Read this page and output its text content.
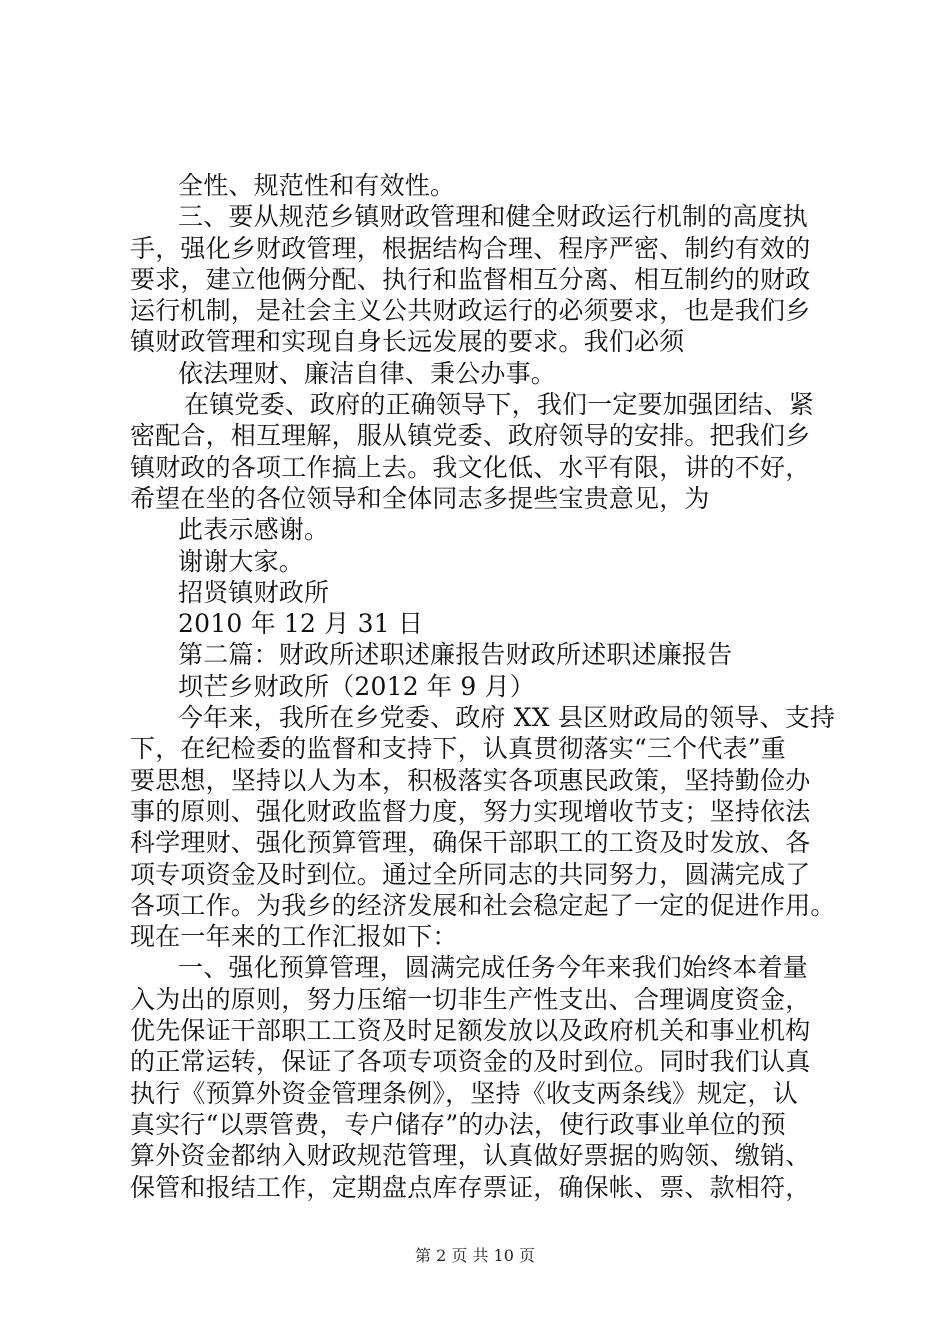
全性、规范性和有效性。
三、要从规范乡镇财政管理和健全财政运行机制的高度执
手，强化乡财政管理，根据结构合理、程序严密、制约有效的
要求，建立他俩分配、执行和监督相互分离、相互制约的财政
运行机制，是社会主义公共财政运行的必须要求，也是我们乡
镇财政管理和实现自身长远发展的要求。我们必须
依法理财、廉洁自律、秉公办事。
在镇党委、政府的正确领导下，我们一定要加强团结、紧
密配合，相互理解，服从镇党委、政府领导的安排。把我们乡
镇财政的各项工作搞上去。我文化低、水平有限，讲的不好，
希望在坐的各位领导和全体同志多提些宝贵意见，为
此表示感谢。
谢谢大家。
招贤镇财政所
2010 年 12 月 31 日
第二篇：财政所述职述廉报告财政所述职述廉报告
坝芒乡财政所（2012 年 9 月）
今年来，我所在乡党委、政府 XX 县区财政局的领导、支持
下，在纪检委的监督和支持下，认真贯彻落实“三个代表”重
要思想，坚持以人为本，积极落实各项惠民政策，坚持勤俭办
事的原则、强化财政监督力度，努力实现增收节支；坚持依法
科学理财、强化预算管理，确保干部职工的工资及时发放、各
项专项资金及时到位。通过全所同志的共同努力，圆满完成了
各项工作。为我乡的经济发展和社会稳定起了一定的促进作用。
现在一年来的工作汇报如下：
一、强化预算管理，圆满完成任务今年来我们始终本着量
入为出的原则，努力压缩一切非生产性支出、合理调度资金，
优先保证干部职工工资及时足额发放以及政府机关和事业机构
的正常运转，保证了各项专项资金的及时到位。同时我们认真
执行《预算外资金管理条例》，坚持《收支两条线》规定，认
真实行“以票管费，专户储存”的办法，使行政事业单位的预
算外资金都纳入财政规范管理，认真做好票据的购领、缴销、
保管和报结工作，定期盘点库存票证，确保帐、票、款相符，
第 2 页 共 10 页
